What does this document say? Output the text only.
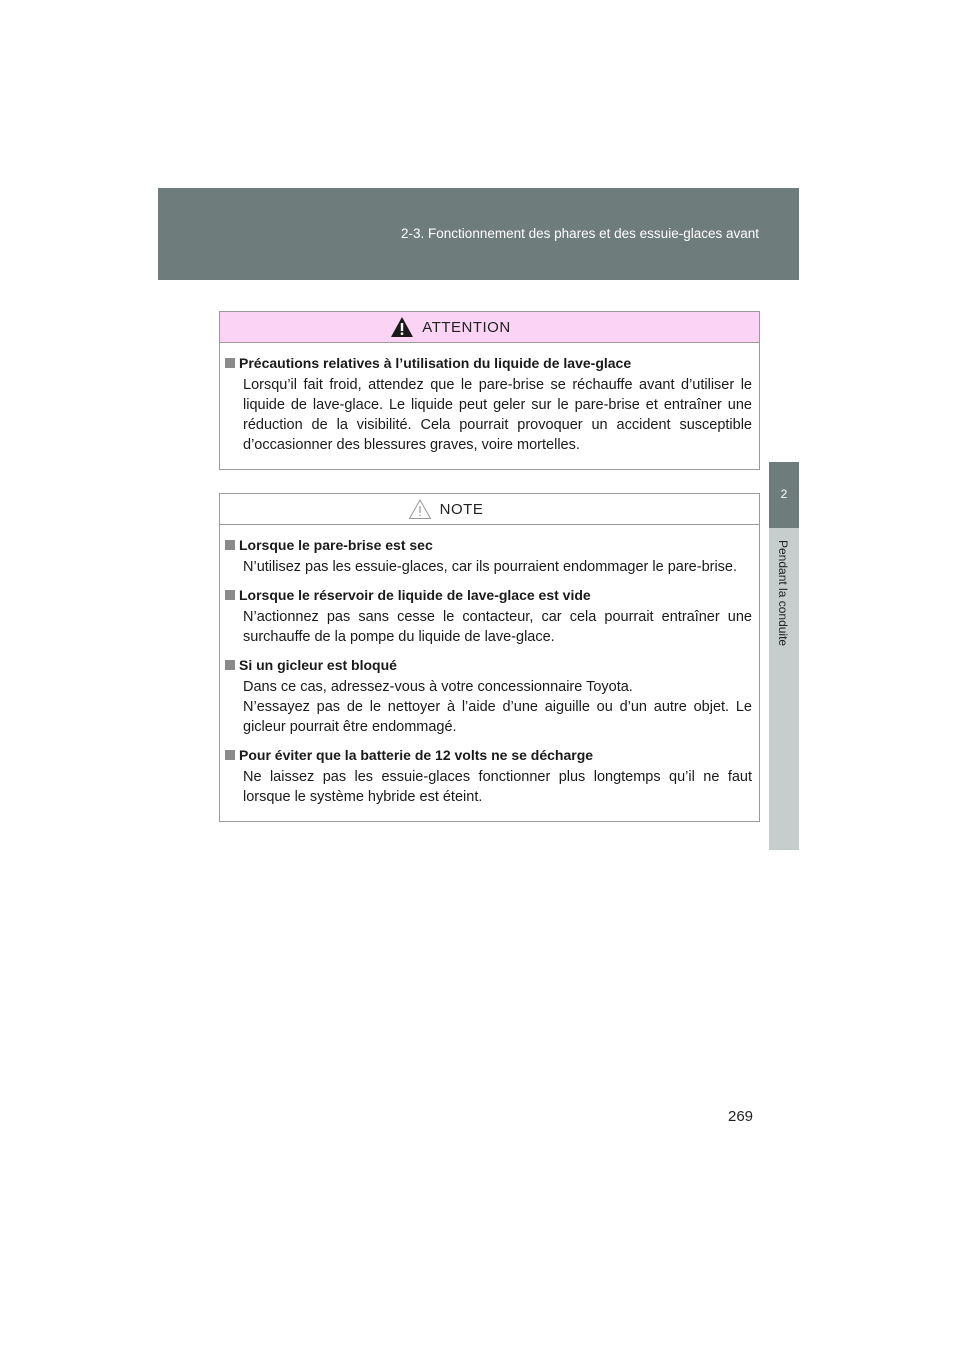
2-3. Fonctionnement des phares et des essuie-glaces avant
2
Pendant la conduite
ATTENTION
Précautions relatives à l’utilisation du liquide de lave-glace

Lorsqu’il fait froid, attendez que le pare-brise se réchauffe avant d’utiliser le liquide de lave-glace. Le liquide peut geler sur le pare-brise et entraîner une réduction de la visibilité. Cela pourrait provoquer un accident susceptible d’occasionner des blessures graves, voire mortelles.

NOTE
Lorsque le pare-brise est sec

N’utilisez pas les essuie-glaces, car ils pourraient endommager le pare-brise.

Lorsque le réservoir de liquide de lave-glace est vide

N’actionnez pas sans cesse le contacteur, car cela pourrait entraîner une surchauffe de la pompe du liquide de lave-glace.

Si un gicleur est bloqué

Dans ce cas, adressez-vous à votre concessionnaire Toyota.
N’essayez pas de le nettoyer à l’aide d’une aiguille ou d’un autre objet. Le gicleur pourrait être endommagé.

Pour éviter que la batterie de 12 volts ne se décharge

Ne laissez pas les essuie-glaces fonctionner plus longtemps qu’il ne faut lorsque le système hybride est éteint.

269
